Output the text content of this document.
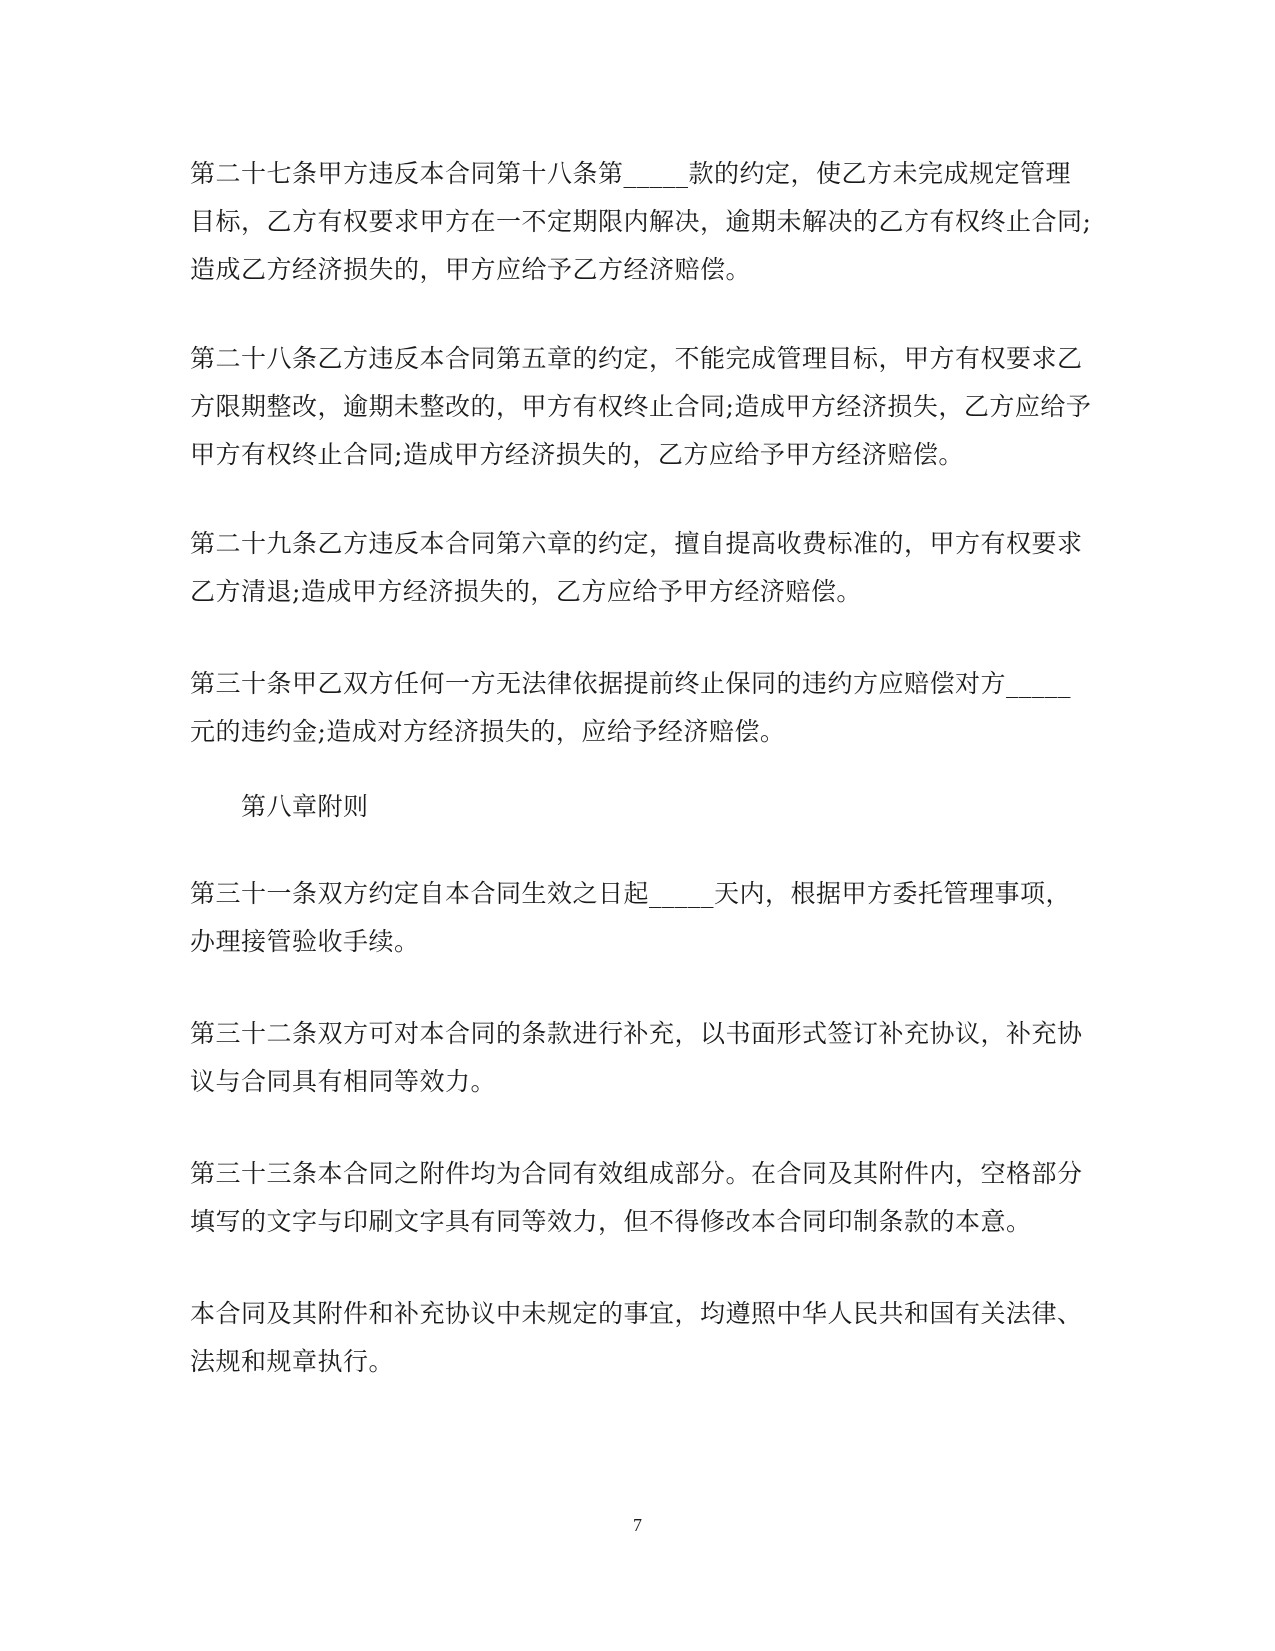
第二十七条甲方违反本合同第十八条第_____款的约定，使乙方未完成规定管理
目标，乙方有权要求甲方在一不定期限内解决，逾期未解决的乙方有权终止合同;
造成乙方经济损失的，甲方应给予乙方经济赔偿。

第二十八条乙方违反本合同第五章的约定，不能完成管理目标，甲方有权要求乙
方限期整改，逾期未整改的，甲方有权终止合同;造成甲方经济损失，乙方应给予
甲方有权终止合同;造成甲方经济损失的，乙方应给予甲方经济赔偿。

第二十九条乙方违反本合同第六章的约定，擅自提高收费标准的，甲方有权要求
乙方清退;造成甲方经济损失的，乙方应给予甲方经济赔偿。

第三十条甲乙双方任何一方无法律依据提前终止保同的违约方应赔偿对方_____
元的违约金;造成对方经济损失的，应给予经济赔偿。

第八章附则

第三十一条双方约定自本合同生效之日起_____天内，根据甲方委托管理事项，
办理接管验收手续。

第三十二条双方可对本合同的条款进行补充，以书面形式签订补充协议，补充协
议与合同具有相同等效力。

第三十三条本合同之附件均为合同有效组成部分。在合同及其附件内，空格部分
填写的文字与印刷文字具有同等效力，但不得修改本合同印制条款的本意。

本合同及其附件和补充协议中未规定的事宜，均遵照中华人民共和国有关法律、
法规和规章执行。

7
